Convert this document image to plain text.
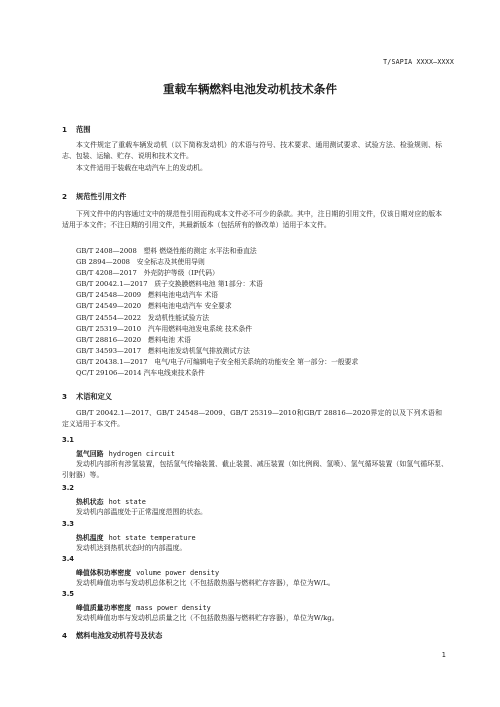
T/SAPIA XXXX—XXXX
重载车辆燃料电池发动机技术条件
1 范围
本文件规定了重载车辆发动机（以下简称发动机）的术语与符号、技术要求、通用测试要求、试验方法、检验规则、标志、包装、运输、贮存、说明和技术文件。
本文件适用于装载在电动汽车上的发动机。
2 规范性引用文件
下列文件中的内容通过文中的规范性引用而构成本文件必不可少的条款。其中，注日期的引用文件，仅该日期对应的版本适用于本文件；不注日期的引用文件，其最新版本（包括所有的修改单）适用于本文件。
GB/T 2408—2008　塑料 燃烧性能的测定 水平法和垂直法
GB 2894—2008　安全标志及其使用导则
GB/T 4208—2017　外壳防护等级（IP代码）
GB/T 20042.1—2017　质子交换膜燃料电池 第1部分：术语
GB/T 24548—2009　燃料电池电动汽车 术语
GB/T 24549—2020　燃料电池电动汽车 安全要求
GB/T 24554—2022　发动机性能试验方法
GB/T 25319—2010　汽车用燃料电池发电系统 技术条件
GB/T 28816—2020　燃料电池 术语
GB/T 34593—2017　燃料电池发动机氢气排放测试方法
GB/T 20438.1—2017　电气/电子/可编辑电子安全相关系统的功能安全 第一部分：一般要求
QC/T 29106—2014 汽车电线束技术条件
3 术语和定义
GB/T 20042.1—2017、GB/T 24548—2009、GB/T 25319—2010和GB/T 28816—2020界定的以及下列术语和定义适用于本文件。
3.1
氢气回路 hydrogen circuit
发动机内部所有涉氢装置，包括氢气传输装置、截止装置、减压装置（如比例阀、氢喷）、氢气循环装置（如氢气循环泵、引射器）等。
3.2
热机状态 hot state
发动机内部温度处于正常温度范围的状态。
3.3
热机温度 hot state temperature
发动机达到热机状态时的内部温度。
3.4
峰值体积功率密度 volume power density
发动机峰值功率与发动机总体积之比（不包括散热器与燃料贮存容器），单位为W/L。
3.5
峰值质量功率密度 mass power density
发动机峰值功率与发动机总质量之比（不包括散热器与燃料贮存容器），单位为W/kg。
4 燃料电池发动机符号及状态
1
